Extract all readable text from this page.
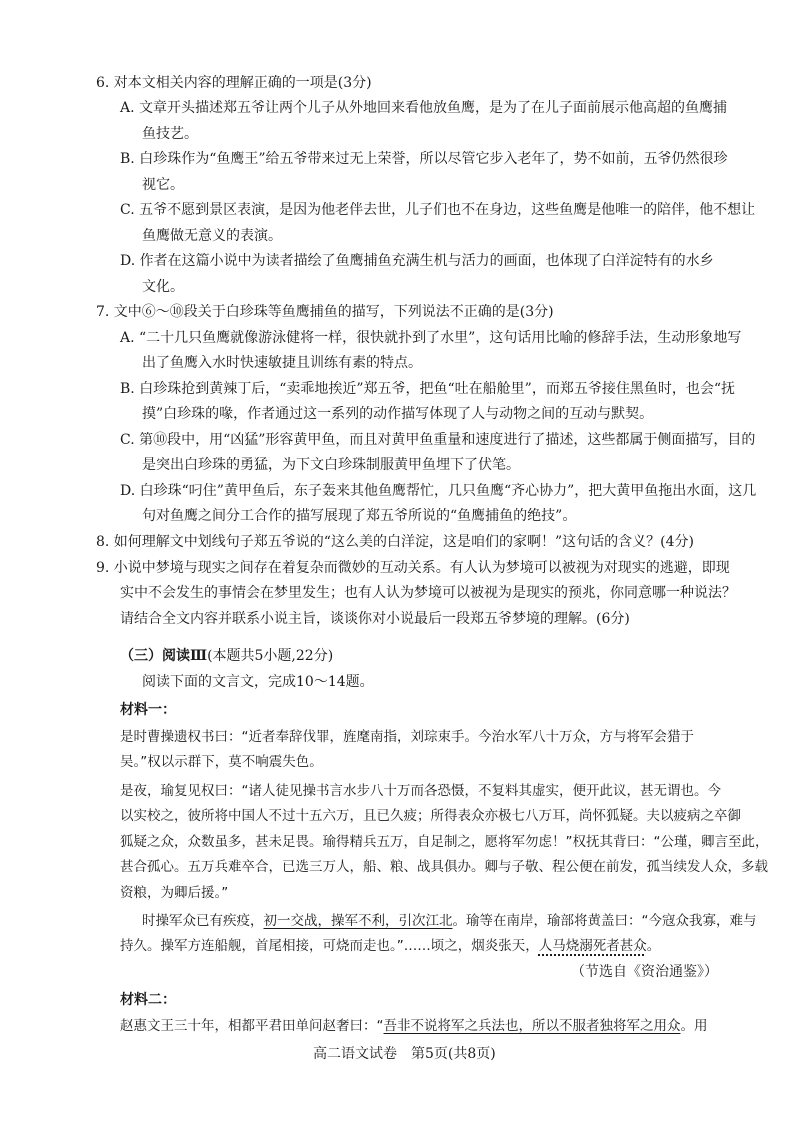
6. 对本文相关内容的理解正确的一项是(3分)
A. 文章开头描述郑五爷让两个儿子从外地回来看他放鱼鹰，是为了在儿子面前展示他高超的鱼鹰捕
鱼技艺。
B. 白珍珠作为“鱼鹰王”给五爷带来过无上荣誉，所以尽管它步入老年了，势不如前，五爷仍然很珍
视它。
C. 五爷不愿到景区表演，是因为他老伴去世，儿子们也不在身边，这些鱼鹰是他唯一的陪伴，他不想让
鱼鹰做无意义的表演。
D. 作者在这篇小说中为读者描绘了鱼鹰捕鱼充满生机与活力的画面，也体现了白洋淀特有的水乡
文化。
7. 文中⑥～⑩段关于白珍珠等鱼鹰捕鱼的描写，下列说法不正确的是(3分)
A. “二十几只鱼鹰就像游泳健将一样，很快就扑到了水里”，这句话用比喻的修辞手法，生动形象地写
出了鱼鹰入水时快速敏捷且训练有素的特点。
B. 白珍珠抢到黄辣丁后，“卖乖地挨近”郑五爷，把鱼“吐在船舱里”，而郑五爷接住黑鱼时，也会“抚
摸”白珍珠的喙，作者通过这一系列的动作描写体现了人与动物之间的互动与默契。
C. 第⑩段中，用“凶猛”形容黄甲鱼，而且对黄甲鱼重量和速度进行了描述，这些都属于侧面描写，目的
是突出白珍珠的勇猛，为下文白珍珠制服黄甲鱼埋下了伏笔。
D. 白珍珠“叼住”黄甲鱼后，东子轰来其他鱼鹰帮忙，几只鱼鹰“齐心协力”，把大黄甲鱼拖出水面，这几
句对鱼鹰之间分工合作的描写展现了郑五爷所说的“鱼鹰捕鱼的绝技”。
8. 如何理解文中划线句子郑五爷说的“这么美的白洋淀，这是咱们的家啊！”这句话的含义？(4分)
9. 小说中梦境与现实之间存在着复杂而微妙的互动关系。有人认为梦境可以被视为对现实的逃避，即现
实中不会发生的事情会在梦里发生；也有人认为梦境可以被视为是现实的预兆，你同意哪一种说法？
请结合全文内容并联系小说主旨，谈谈你对小说最后一段郑五爷梦境的理解。(6分)
（三）阅读Ⅲ(本题共5小题,22分)
阅读下面的文言文，完成10～14题。
材料一：
是时曹操遗权书曰：“近者奉辞伐罪，旌麾南指，刘琮束手。今治水军八十万众，方与将军会猎于
吴。”权以示群下，莫不响震失色。
是夜，瑜复见权曰：“诸人徒见操书言水步八十万而各恐慑，不复料其虚实，便开此议，甚无谓也。今
以实校之，彼所将中国人不过十五六万，且已久疲；所得表众亦极七八万耳，尚怀狐疑。夫以疲病之卒御
狐疑之众，众数虽多，甚未足畏。瑜得精兵五万，自足制之，愿将军勿虑！”权抚其背曰：“公瑾，卿言至此，
甚合孤心。五万兵难卒合，已选三万人，船、粮、战具俱办。卿与子敬、程公便在前发，孤当续发人众，多载
资粮，为卿后援。”
时操军众已有疾疫，初一交战，操军不利，引次江北。瑜等在南岸，瑜部将黄盖曰：“今寇众我寡，难与
持久。操军方连船舰，首尾相接，可烧而走也。”……顷之，烟炎张天，人马烧溺死者甚众。
（节选自《资治通鉴》）
材料二：
赵惠文王三十年，相都平君田单问赵奢曰：“吾非不说将军之兵法也，所以不服者独将军之用众。用
高二语文试卷　第5页(共8页)
